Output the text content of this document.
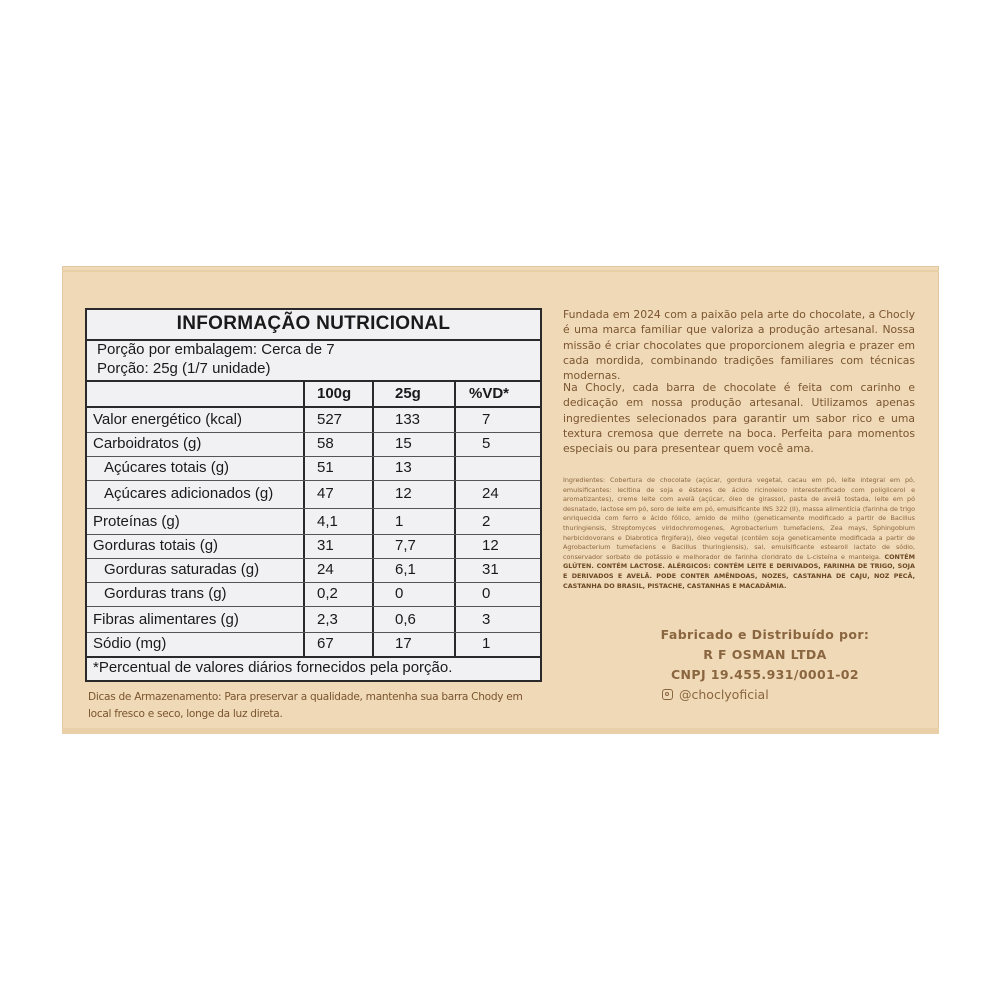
INFORMAÇÃO NUTRICIONAL
Porção por embalagem: Cerca de 7
Porção: 25g (1/7 unidade)
100g	25g	%VD*
Valor energético (kcal)	527	133	7
Carboidratos (g)	58	15	5
Açúcares totais (g)	51	13
Açúcares adicionados (g)	47	12	24
Proteínas (g)	4,1	1	2
Gorduras totais (g)	31	7,7	12
Gorduras saturadas (g)	24	6,1	31
Gorduras trans (g)	0,2	0	0
Fibras alimentares (g)	2,3	0,6	3
Sódio (mg)	67	17	1
*Percentual de valores diários fornecidos pela porção.
Dicas de Armazenamento: Para preservar a qualidade, mantenha sua barra Chody em local fresco e seco, longe da luz direta.
Fundada em 2024 com a paixão pela arte do chocolate, a Chocly é uma marca familiar que valoriza a produção artesanal. Nossa missão é criar chocolates que proporcionem alegria e prazer em cada mordida, combinando tradições familiares com técnicas modernas.
Na Chocly, cada barra de chocolate é feita com carinho e dedicação em nossa produção artesanal. Utilizamos apenas ingredientes selecionados para garantir um sabor rico e uma textura cremosa que derrete na boca. Perfeita para momentos especiais ou para presentear quem você ama.
Ingredientes: Cobertura de chocolate (açúcar, gordura vegetal, cacau em pó, leite integral em pó, emulsificantes: lecitina de soja e ésteres de ácido ricinoleico interesterificado com poliglicerol e aromatizantes), creme leite com avelã (açúcar, óleo de girassol, pasta de avelã tostada, leite em pó desnatado, lactose em pó, soro de leite em pó, emulsificante INS 322 (II), massa alimentícia (farinha de trigo enriquecida com ferro e ácido fólico, amido de milho (geneticamente modificado a partir de Bacillus thuringiensis, Streptomyces viridochromogenes, Agrobacterium tumefaciens, Zea mays, Sphingobium herbicidovorans e Diabrotica firgifera)), óleo vegetal (contém soja geneticamente modificada a partir de Agrobacterium tumefaciens e Bacillus thuringiensis), sal, emulsificante estearoil lactato de sódio, conservador sorbato de potássio e melhorador de farinha cloridrato de L-cisteína e manteiga. CONTÉM GLÚTEN. CONTÉM LACTOSE. ALÉRGICOS: CONTÉM LEITE E DERIVADOS, FARINHA DE TRIGO, SOJA E DERIVADOS E AVELÃ. PODE CONTER AMÊNDOAS, NOZES, CASTANHA DE CAJU, NOZ PECÃ, CASTANHA DO BRASIL, PISTACHE, CASTANHAS E MACADÂMIA.
Fabricado e Distribuído por:
R F OSMAN LTDA
CNPJ 19.455.931/0001-02
@choclyoficial
